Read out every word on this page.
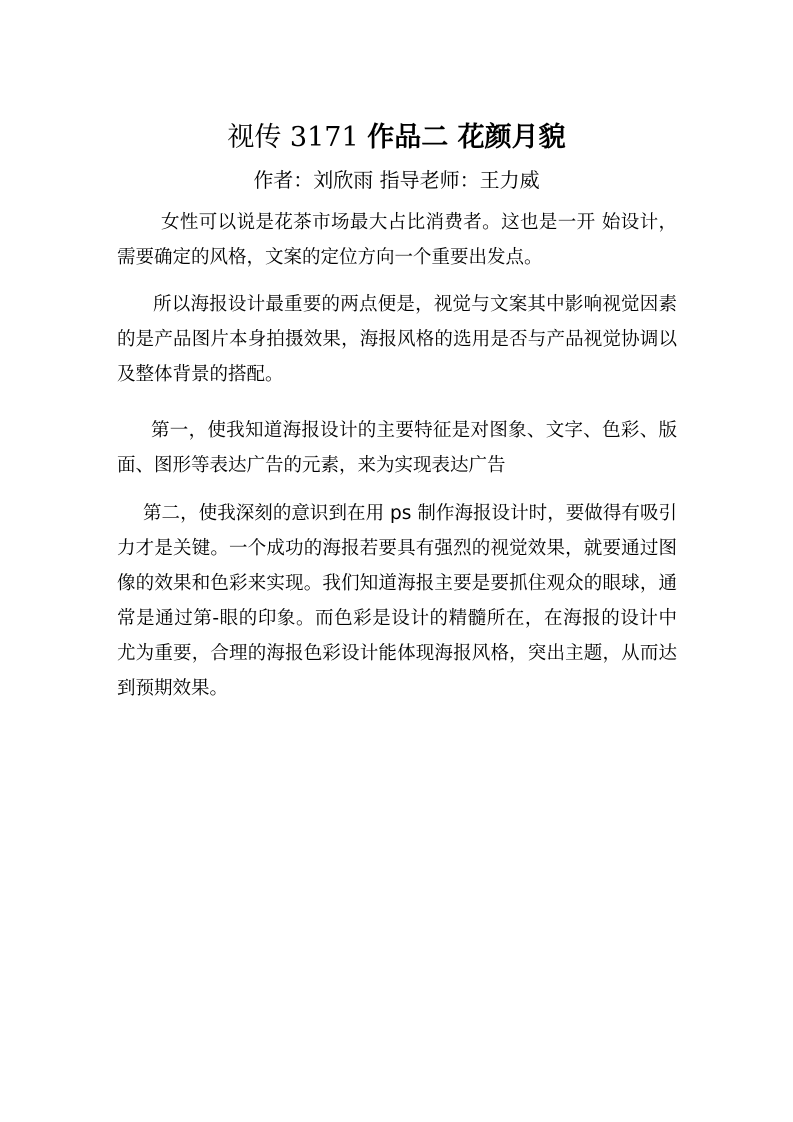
视传 3171 作品二 花颜月貌
作者：刘欣雨 指导老师：王力威

女性可以说是花茶市场最大占比消费者。这也是一开 始设计，需要确定的风格，文案的定位方向一个重要出发点。

所以海报设计最重要的两点便是，视觉与文案其中影响视觉因素的是产品图片本身拍摄效果，海报风格的选用是否与产品视觉协调以及整体背景的搭配。

第一，使我知道海报设计的主要特征是对图象、文字、色彩、版面、图形等表达广告的元素，来为实现表达广告

第二，使我深刻的意识到在用 ps 制作海报设计时，要做得有吸引力才是关键。一个成功的海报若要具有强烈的视觉效果，就要通过图像的效果和色彩来实现。我们知道海报主要是要抓住观众的眼球，通常是通过第-眼的印象。而色彩是设计的精髓所在，在海报的设计中尤为重要，合理的海报色彩设计能体现海报风格，突出主题，从而达到预期效果。
